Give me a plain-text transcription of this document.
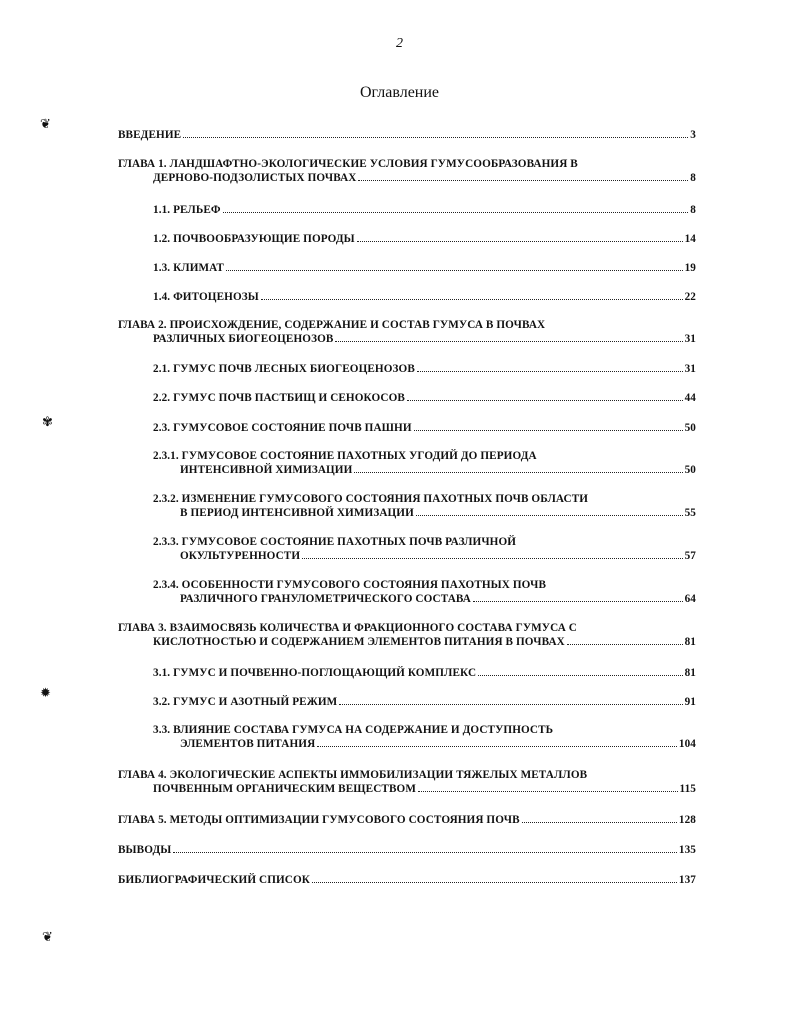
2
Оглавление
❦
✾
✹
❦
ВВЕДЕНИЕ	3
ГЛАВА 1. ЛАНДШАФТНО-ЭКОЛОГИЧЕСКИЕ УСЛОВИЯ ГУМУСООБРАЗОВАНИЯ В
ДЕРНОВО-ПОДЗОЛИСТЫХ ПОЧВАХ	8
1.1. РЕЛЬЕФ	8
1.2. ПОЧВООБРАЗУЮЩИЕ ПОРОДЫ	14
1.3. КЛИМАТ	19
1.4. ФИТОЦЕНОЗЫ	22
ГЛАВА 2. ПРОИСХОЖДЕНИЕ, СОДЕРЖАНИЕ И СОСТАВ ГУМУСА В ПОЧВАХ
РАЗЛИЧНЫХ БИОГЕОЦЕНОЗОВ	31
2.1. ГУМУС ПОЧВ ЛЕСНЫХ БИОГЕОЦЕНОЗОВ	31
2.2. ГУМУС ПОЧВ ПАСТБИЩ И СЕНОКОСОВ	44
2.3. ГУМУСОВОЕ СОСТОЯНИЕ ПОЧВ ПАШНИ	50
2.3.1. ГУМУСОВОЕ СОСТОЯНИЕ ПАХОТНЫХ УГОДИЙ ДО ПЕРИОДА
ИНТЕНСИВНОЙ ХИМИЗАЦИИ	50
2.3.2. ИЗМЕНЕНИЕ ГУМУСОВОГО СОСТОЯНИЯ ПАХОТНЫХ ПОЧВ ОБЛАСТИ
В ПЕРИОД ИНТЕНСИВНОЙ ХИМИЗАЦИИ	55
2.3.3. ГУМУСОВОЕ СОСТОЯНИЕ ПАХОТНЫХ ПОЧВ РАЗЛИЧНОЙ
ОКУЛЬТУРЕННОСТИ	57
2.3.4. ОСОБЕННОСТИ ГУМУСОВОГО СОСТОЯНИЯ ПАХОТНЫХ ПОЧВ
РАЗЛИЧНОГО ГРАНУЛОМЕТРИЧЕСКОГО СОСТАВА	64
ГЛАВА 3. ВЗАИМОСВЯЗЬ КОЛИЧЕСТВА И ФРАКЦИОННОГО СОСТАВА ГУМУСА С
КИСЛОТНОСТЬЮ И СОДЕРЖАНИЕМ ЭЛЕМЕНТОВ ПИТАНИЯ В ПОЧВАХ	81
3.1. ГУМУС И ПОЧВЕННО-ПОГЛОЩАЮЩИЙ КОМПЛЕКС	81
3.2. ГУМУС И АЗОТНЫЙ РЕЖИМ	91
3.3. ВЛИЯНИЕ СОСТАВА ГУМУСА НА СОДЕРЖАНИЕ И ДОСТУПНОСТЬ
ЭЛЕМЕНТОВ ПИТАНИЯ	104
ГЛАВА 4. ЭКОЛОГИЧЕСКИЕ АСПЕКТЫ ИММОБИЛИЗАЦИИ ТЯЖЕЛЫХ МЕТАЛЛОВ
ПОЧВЕННЫМ ОРГАНИЧЕСКИМ ВЕЩЕСТВОМ	115
ГЛАВА 5. МЕТОДЫ ОПТИМИЗАЦИИ ГУМУСОВОГО СОСТОЯНИЯ ПОЧВ	128
ВЫВОДЫ	135
БИБЛИОГРАФИЧЕСКИЙ СПИСОК	137
